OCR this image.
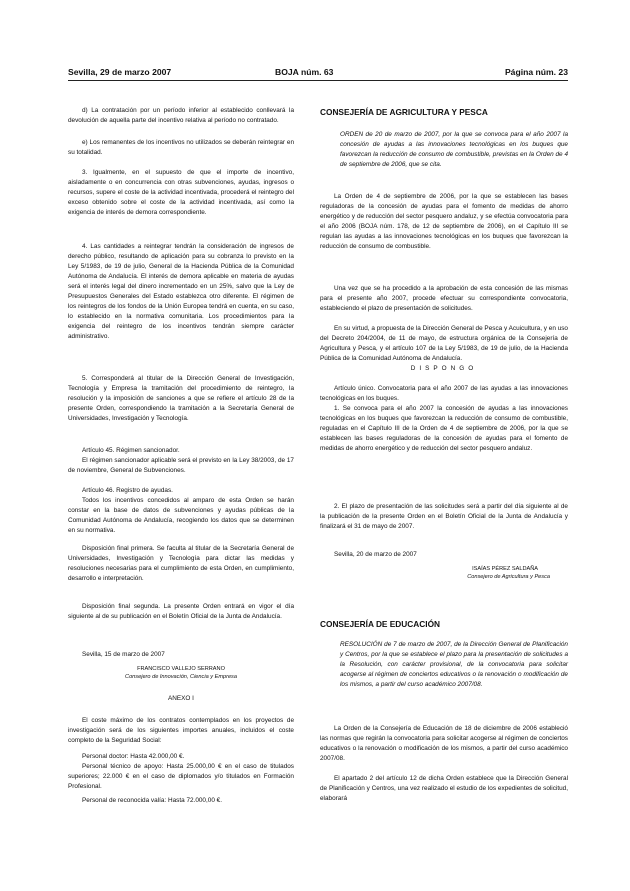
Sevilla, 29 de marzo 2007	BOJA núm. 63	Página núm. 23
d) La contratación por un período inferior al establecido conllevará la devolución de aquella parte del incentivo relativa al período no contratado.
e) Los remanentes de los incentivos no utilizados se deberán reintegrar en su totalidad.
3. Igualmente, en el supuesto de que el importe de incentivo, aisladamente o en concurrencia con otras subvenciones, ayudas, ingresos o recursos, supere el coste de la actividad incentivada, procederá el reintegro del exceso obtenido sobre el coste de la actividad incentivada, así como la exigencia de interés de demora correspondiente.
4. Las cantidades a reintegrar tendrán la consideración de ingresos de derecho público, resultando de aplicación para su cobranza lo previsto en la Ley 5/1983, de 19 de julio, General de la Hacienda Pública de la Comunidad Autónoma de Andalucía. El interés de demora aplicable en materia de ayudas será el interés legal del dinero incrementado en un 25%, salvo que la Ley de Presupuestos Generales del Estado establezca otro diferente. El régimen de los reintegros de los fondos de la Unión Europea tendrá en cuenta, en su caso, lo establecido en la normativa comunitaria. Los procedimientos para la exigencia del reintegro de los incentivos tendrán siempre carácter administrativo.
5. Corresponderá al titular de la Dirección General de Investigación, Tecnología y Empresa la tramitación del procedimiento de reintegro, la resolución y la imposición de sanciones a que se refiere el artículo 28 de la presente Orden, correspondiendo la tramitación a la Secretaría General de Universidades, Investigación y Tecnología.
Artículo 45. Régimen sancionador.
El régimen sancionador aplicable será el previsto en la Ley 38/2003, de 17 de noviembre, General de Subvenciones.
Artículo 46. Registro de ayudas.
Todos los incentivos concedidos al amparo de esta Orden se harán constar en la base de datos de subvenciones y ayudas públicas de la Comunidad Autónoma de Andalucía, recogiendo los datos que se determinen en su normativa.
Disposición final primera. Se faculta al titular de la Secretaría General de Universidades, Investigación y Tecnología para dictar las medidas y resoluciones necesarias para el cumplimiento de esta Orden, en cumplimiento, desarrollo e interpretación.
Disposición final segunda. La presente Orden entrará en vigor el día siguiente al de su publicación en el Boletín Oficial de la Junta de Andalucía.
Sevilla, 15 de marzo de 2007
FRANCISCO VALLEJO SERRANO
Consejero de Innovación, Ciencia y Empresa
ANEXO I
El coste máximo de los contratos contemplados en los proyectos de investigación será de los siguientes importes anuales, incluidos el coste completo de la Seguridad Social:
Personal doctor: Hasta 42.000,00 €.
Personal técnico de apoyo: Hasta 25.000,00 € en el caso de titulados superiores; 22.000 € en el caso de diplomados y/o titulados en Formación Profesional.
Personal de reconocida valía: Hasta 72.000,00 €.
CONSEJERÍA DE AGRICULTURA Y PESCA
ORDEN de 20 de marzo de 2007, por la que se convoca para el año 2007 la concesión de ayudas a las innovaciones tecnológicas en los buques que favorezcan la reducción de consumo de combustible, previstas en la Orden de 4 de septiembre de 2006, que se cita.
La Orden de 4 de septiembre de 2006, por la que se establecen las bases reguladoras de la concesión de ayudas para el fomento de medidas de ahorro energético y de reducción del sector pesquero andaluz, y se efectúa convocatoria para el año 2006 (BOJA núm. 178, de 12 de septiembre de 2006), en el Capítulo III se regulan las ayudas a las innovaciones tecnológicas en los buques que favorezcan la reducción de consumo de combustible.
Una vez que se ha procedido a la aprobación de esta concesión de las mismas para el presente año 2007, procede efectuar su correspondiente convocatoria, estableciendo el plazo de presentación de solicitudes.
En su virtud, a propuesta de la Dirección General de Pesca y Acuicultura, y en uso del Decreto 204/2004, de 11 de mayo, de estructura orgánica de la Consejería de Agricultura y Pesca, y el artículo 107 de la Ley 5/1983, de 19 de julio, de la Hacienda Pública de la Comunidad Autónoma de Andalucía.
DISPONGO
Artículo único. Convocatoria para el año 2007 de las ayudas a las innovaciones tecnológicas en los buques.
1. Se convoca para el año 2007 la concesión de ayudas a las innovaciones tecnológicas en los buques que favorezcan la reducción de consumo de combustible, reguladas en el Capítulo III de la Orden de 4 de septiembre de 2006, por la que se establecen las bases reguladoras de la concesión de ayudas para el fomento de medidas de ahorro energético y de reducción del sector pesquero andaluz.
2. El plazo de presentación de las solicitudes será a partir del día siguiente al de la publicación de la presente Orden en el Boletín Oficial de la Junta de Andalucía y finalizará el 31 de mayo de 2007.
Sevilla, 20 de marzo de 2007
ISAÍAS PÉREZ SALDAÑA
Consejero de Agricultura y Pesca
CONSEJERÍA DE EDUCACIÓN
RESOLUCIÓN de 7 de marzo de 2007, de la Dirección General de Planificación y Centros, por la que se establece el plazo para la presentación de solicitudes a la Resolución, con carácter provisional, de la convocatoria para solicitar acogerse al régimen de conciertos educativos o la renovación o modificación de los mismos, a partir del curso académico 2007/08.
La Orden de la Consejería de Educación de 18 de diciembre de 2006 estableció las normas que regirán la convocatoria para solicitar acogerse al régimen de conciertos educativos o la renovación o modificación de los mismos, a partir del curso académico 2007/08.
El apartado 2 del artículo 12 de dicha Orden establece que la Dirección General de Planificación y Centros, una vez realizado el estudio de los expedientes de solicitud, elaborará
